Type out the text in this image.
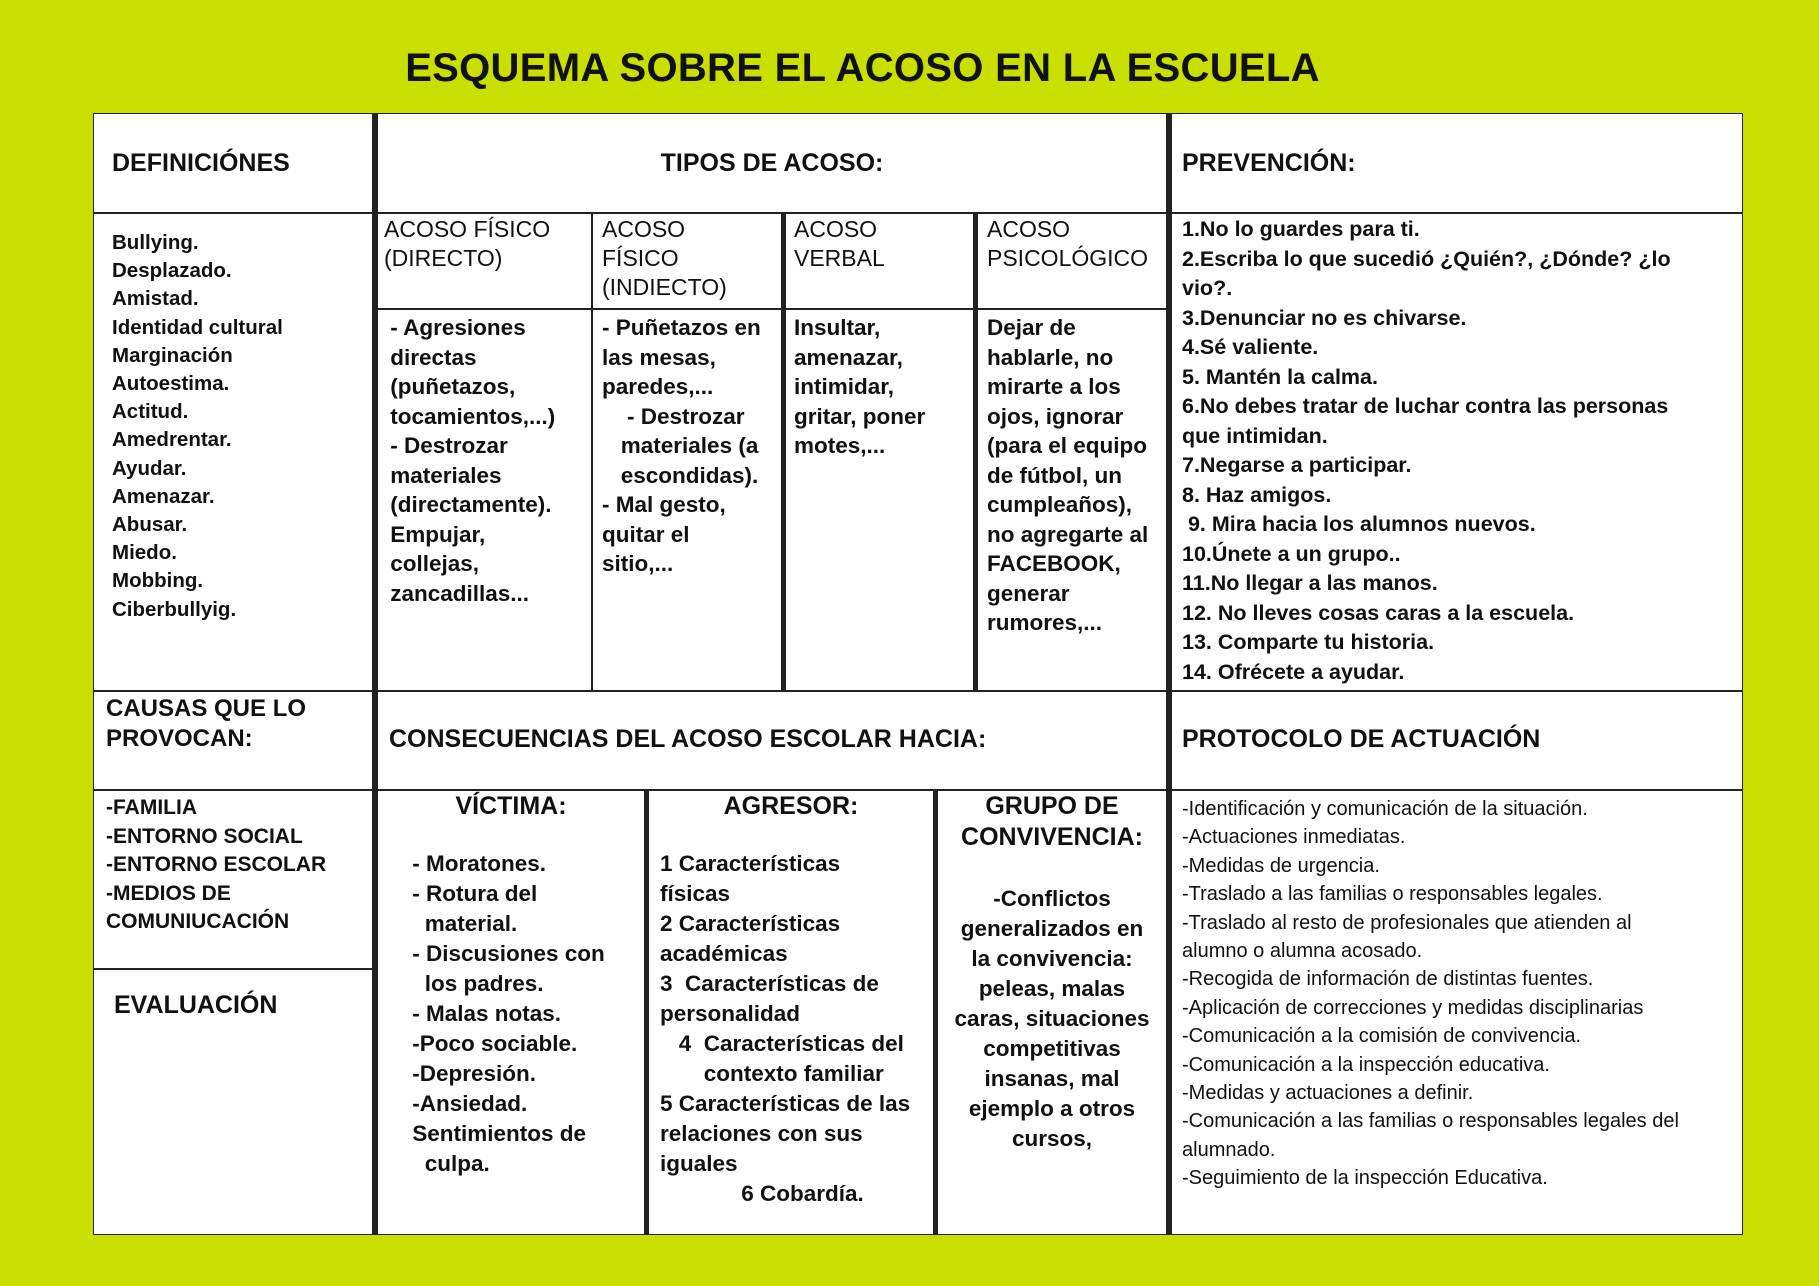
ESQUEMA SOBRE EL ACOSO EN LA ESCUELA
DEFINICIÓNES
Bullying.
Desplazado.
Amistad.
Identidad cultural
Marginación
Autoestima.
Actitud.
Amedrentar.
Ayudar.
Amenazar.
Abusar.
Miedo.
Mobbing.
Ciberbullyig.
TIPOS DE ACOSO:
ACOSO FÍSICO
(DIRECTO)
- Agresiones
directas
(puñetazos,
tocamientos,...)
- Destrozar
materiales
(directamente).
Empujar,
collejas,
zancadillas...
ACOSO
FÍSICO
(INDIECTO)
- Puñetazos en
las mesas,
paredes,...
- Destrozar
materiales (a
escondidas).
- Mal gesto,
quitar el
sitio,...
ACOSO
VERBAL
Insultar,
amenazar,
intimidar,
gritar, poner
motes,...
ACOSO
PSICOLÓGICO
Dejar de
hablarle, no
mirarte a los
ojos, ignorar
(para el equipo
de fútbol, un
cumpleaños),
no agregarte al
FACEBOOK,
generar
rumores,...
PREVENCIÓN:
1.No lo guardes para ti.
2.Escriba lo que sucedió ¿Quién?, ¿Dónde? ¿lo
vio?.
3.Denunciar no es chivarse.
4.Sé valiente.
5. Mantén la calma.
6.No debes tratar de luchar contra las personas
que intimidan.
7.Negarse a participar.
8. Haz amigos.
9. Mira hacia los alumnos nuevos.
10.Únete a un grupo..
11.No llegar a las manos.
12. No lleves cosas caras a la escuela.
13. Comparte tu historia.
14. Ofrécete a ayudar.
CAUSAS QUE LO
PROVOCAN:
-FAMILIA
-ENTORNO SOCIAL
-ENTORNO ESCOLAR
-MEDIOS DE
COMUNIUCACIÓN
EVALUACIÓN
CONSECUENCIAS DEL ACOSO ESCOLAR HACIA:
VÍCTIMA:
- Moratones.
- Rotura del
material.
- Discusiones con
los padres.
- Malas notas.
-Poco sociable.
-Depresión.
-Ansiedad.
Sentimientos de
culpa.
AGRESOR:
1 Características
físicas
2 Características
académicas
3  Características de
personalidad
4  Características del
contexto familiar
5 Características de las
relaciones con sus
iguales
6 Cobardía.
GRUPO DE
CONVIVENCIA:
-Conflictos
generalizados en
la convivencia:
peleas, malas
caras, situaciones
competitivas
insanas, mal
ejemplo a otros
cursos,
PROTOCOLO DE ACTUACIÓN
-Identificación y comunicación de la situación.
-Actuaciones inmediatas.
-Medidas de urgencia.
-Traslado a las familias o responsables legales.
-Traslado al resto de profesionales que atienden al
alumno o alumna acosado.
-Recogida de información de distintas fuentes.
-Aplicación de correcciones y medidas disciplinarias
-Comunicación a la comisión de convivencia.
-Comunicación a la inspección educativa.
-Medidas y actuaciones a definir.
-Comunicación a las familias o responsables legales del
alumnado.
-Seguimiento de la inspección Educativa.
